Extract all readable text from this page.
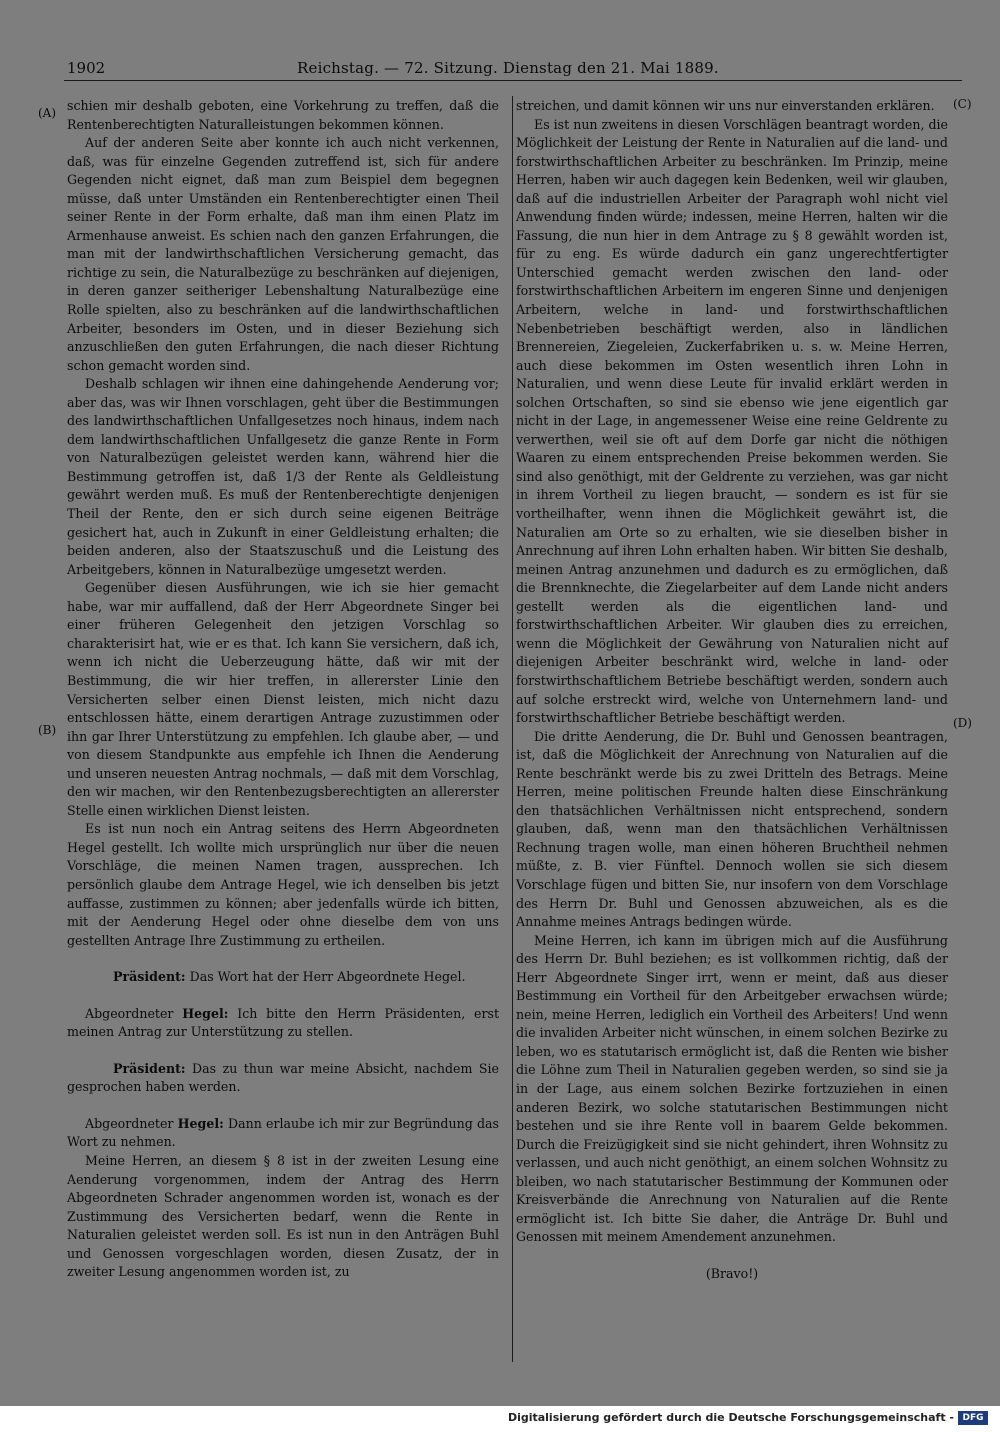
1902	Reichstag. — 72. Sitzung. Dienstag den 21. Mai 1889.
(A)
(B)
(C)
(D)

schien mir deshalb geboten, eine Vorkehrung zu treffen, daß die Rentenberechtigten Naturalleistungen bekommen können.

Auf der anderen Seite aber konnte ich auch nicht verkennen, daß, was für einzelne Gegenden zutreffend ist, sich für andere Gegenden nicht eignet, daß man zum Beispiel dem begegnen müsse, daß unter Umständen ein Rentenberechtigter einen Theil seiner Rente in der Form erhalte, daß man ihm einen Platz im Armenhause anweist. Es schien nach den ganzen Erfahrungen, die man mit der landwirthschaftlichen Versicherung gemacht, das richtige zu sein, die Naturalbezüge zu beschränken auf diejenigen, in deren ganzer seitheriger Lebenshaltung Naturalbezüge eine Rolle spielten, also zu beschränken auf die landwirthschaftlichen Arbeiter, besonders im Osten, und in dieser Beziehung sich anzuschließen den guten Erfahrungen, die nach dieser Richtung schon gemacht worden sind.

Deshalb schlagen wir ihnen eine dahingehende Aenderung vor; aber das, was wir Ihnen vorschlagen, geht über die Bestimmungen des landwirthschaftlichen Unfallgesetzes noch hinaus, indem nach dem landwirthschaftlichen Unfallgesetz die ganze Rente in Form von Naturalbezügen geleistet werden kann, während hier die Bestimmung getroffen ist, daß 1/3 der Rente als Geldleistung gewährt werden muß. Es muß der Rentenberechtigte denjenigen Theil der Rente, den er sich durch seine eigenen Beiträge gesichert hat, auch in Zukunft in einer Geldleistung erhalten; die beiden anderen, also der Staatszuschuß und die Leistung des Arbeitgebers, können in Naturalbezüge umgesetzt werden.

Gegenüber diesen Ausführungen, wie ich sie hier gemacht habe, war mir auffallend, daß der Herr Abgeordnete Singer bei einer früheren Gelegenheit den jetzigen Vorschlag so charakterisirt hat, wie er es that. Ich kann Sie versichern, daß ich, wenn ich nicht die Ueberzeugung hätte, daß wir mit der Bestimmung, die wir hier treffen, in allererster Linie den Versicherten selber einen Dienst leisten, mich nicht dazu entschlossen hätte, einem derartigen Antrage zuzustimmen oder ihn gar Ihrer Unterstützung zu empfehlen. Ich glaube aber, — und von diesem Standpunkte aus empfehle ich Ihnen die Aenderung und unseren neuesten Antrag nochmals, — daß mit dem Vorschlag, den wir machen, wir den Rentenbezugsberechtigten an allererster Stelle einen wirklichen Dienst leisten.

Es ist nun noch ein Antrag seitens des Herrn Abgeordneten Hegel gestellt. Ich wollte mich ursprünglich nur über die neuen Vorschläge, die meinen Namen tragen, aussprechen. Ich persönlich glaube dem Antrage Hegel, wie ich denselben bis jetzt auffasse, zustimmen zu können; aber jedenfalls würde ich bitten, mit der Aenderung Hegel oder ohne dieselbe dem von uns gestellten Antrage Ihre Zustimmung zu ertheilen.

Präsident: Das Wort hat der Herr Abgeordnete Hegel.

Abgeordneter Hegel: Ich bitte den Herrn Präsidenten, erst meinen Antrag zur Unterstützung zu stellen.

Präsident: Das zu thun war meine Absicht, nachdem Sie gesprochen haben werden.

Abgeordneter Hegel: Dann erlaube ich mir zur Begründung das Wort zu nehmen.

Meine Herren, an diesem § 8 ist in der zweiten Lesung eine Aenderung vorgenommen, indem der Antrag des Herrn Abgeordneten Schrader angenommen worden ist, wonach es der Zustimmung des Versicherten bedarf, wenn die Rente in Naturalien geleistet werden soll. Es ist nun in den Anträgen Buhl und Genossen vorgeschlagen worden, diesen Zusatz, der in zweiter Lesung angenommen worden ist, zu

streichen, und damit können wir uns nur einverstanden erklären.

Es ist nun zweitens in diesen Vorschlägen beantragt worden, die Möglichkeit der Leistung der Rente in Naturalien auf die land- und forstwirthschaftlichen Arbeiter zu beschränken. Im Prinzip, meine Herren, haben wir auch dagegen kein Bedenken, weil wir glauben, daß auf die industriellen Arbeiter der Paragraph wohl nicht viel Anwendung finden würde; indessen, meine Herren, halten wir die Fassung, die nun hier in dem Antrage zu § 8 gewählt worden ist, für zu eng. Es würde dadurch ein ganz ungerechtfertigter Unterschied gemacht werden zwischen den land- oder forstwirthschaftlichen Arbeitern im engeren Sinne und denjenigen Arbeitern, welche in land- und forstwirthschaftlichen Nebenbetrieben beschäftigt werden, also in ländlichen Brennereien, Ziegeleien, Zuckerfabriken u. s. w. Meine Herren, auch diese bekommen im Osten wesentlich ihren Lohn in Naturalien, und wenn diese Leute für invalid erklärt werden in solchen Ortschaften, so sind sie ebenso wie jene eigentlich gar nicht in der Lage, in angemessener Weise eine reine Geldrente zu verwerthen, weil sie oft auf dem Dorfe gar nicht die nöthigen Waaren zu einem entsprechenden Preise bekommen werden. Sie sind also genöthigt, mit der Geldrente zu verziehen, was gar nicht in ihrem Vortheil zu liegen braucht, — sondern es ist für sie vortheilhafter, wenn ihnen die Möglichkeit gewährt ist, die Naturalien am Orte so zu erhalten, wie sie dieselben bisher in Anrechnung auf ihren Lohn erhalten haben. Wir bitten Sie deshalb, meinen Antrag anzunehmen und dadurch es zu ermöglichen, daß die Brennknechte, die Ziegelarbeiter auf dem Lande nicht anders gestellt werden als die eigentlichen land- und forstwirthschaftlichen Arbeiter. Wir glauben dies zu erreichen, wenn die Möglichkeit der Gewährung von Naturalien nicht auf diejenigen Arbeiter beschränkt wird, welche in land- oder forstwirthschaftlichem Betriebe beschäftigt werden, sondern auch auf solche erstreckt wird, welche von Unternehmern land- und forstwirthschaftlicher Betriebe beschäftigt werden.

Die dritte Aenderung, die Dr. Buhl und Genossen beantragen, ist, daß die Möglichkeit der Anrechnung von Naturalien auf die Rente beschränkt werde bis zu zwei Dritteln des Betrags. Meine Herren, meine politischen Freunde halten diese Einschränkung den thatsächlichen Verhältnissen nicht entsprechend, sondern glauben, daß, wenn man den thatsächlichen Verhältnissen Rechnung tragen wolle, man einen höheren Bruchtheil nehmen müßte, z. B. vier Fünftel. Dennoch wollen sie sich diesem Vorschlage fügen und bitten Sie, nur insofern von dem Vorschlage des Herrn Dr. Buhl und Genossen abzuweichen, als es die Annahme meines Antrags bedingen würde.

Meine Herren, ich kann im übrigen mich auf die Ausführung des Herrn Dr. Buhl beziehen; es ist vollkommen richtig, daß der Herr Abgeordnete Singer irrt, wenn er meint, daß aus dieser Bestimmung ein Vortheil für den Arbeitgeber erwachsen würde; nein, meine Herren, lediglich ein Vortheil des Arbeiters! Und wenn die invaliden Arbeiter nicht wünschen, in einem solchen Bezirke zu leben, wo es statutarisch ermöglicht ist, daß die Renten wie bisher die Löhne zum Theil in Naturalien gegeben werden, so sind sie ja in der Lage, aus einem solchen Bezirke fortzuziehen in einen anderen Bezirk, wo solche statutarischen Bestimmungen nicht bestehen und sie ihre Rente voll in baarem Gelde bekommen. Durch die Freizügigkeit sind sie nicht gehindert, ihren Wohnsitz zu verlassen, und auch nicht genöthigt, an einem solchen Wohnsitz zu bleiben, wo nach statutarischer Bestimmung der Kommunen oder Kreisverbände die Anrechnung von Naturalien auf die Rente ermöglicht ist. Ich bitte Sie daher, die Anträge Dr. Buhl und Genossen mit meinem Amendement anzunehmen.

(Bravo!)

Digitalisierung gefördert durch die Deutsche Forschungsgemeinschaft - DFG
